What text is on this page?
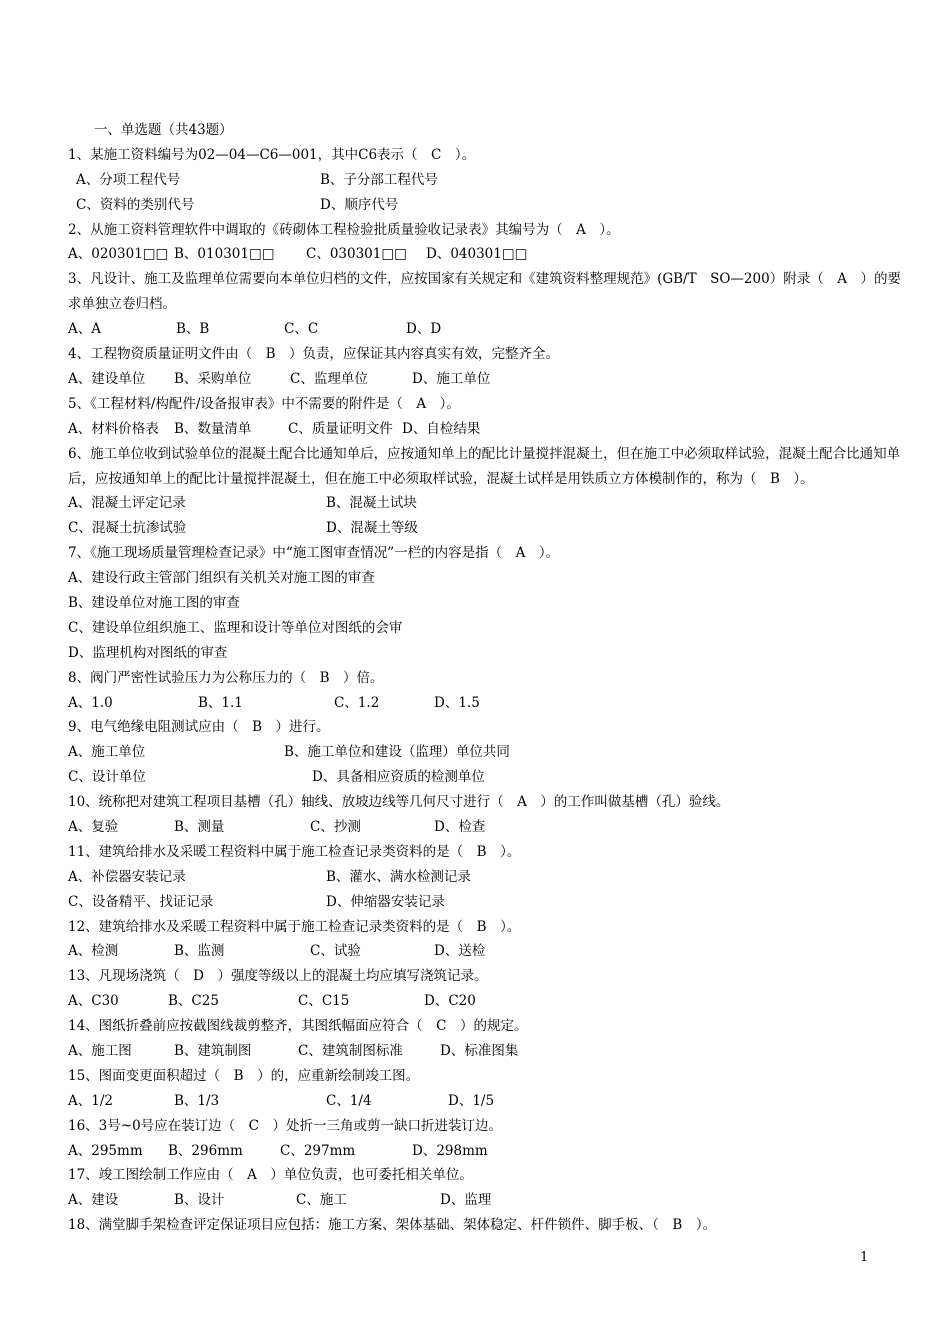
一、单选题（共43题）
1、某施工资料编号为02—04—C6—001，其中C6表示（　C　）。
A、分项工程代号	B、子分部工程代号
C、资料的类别代号	D、顺序代号
2、从施工资料管理软件中调取的《砖砌体工程检验批质量验收记录表》其编号为（　A　）。
A、020301□□ B、010301□□ C、030301□□ D、040301□□
3、凡设计、施工及监理单位需要向本单位归档的文件，应按国家有关规定和《建筑资料整理规范》(GB/T　SO—200）附录（　A　）的要求单独立卷归档。
A、A	B、B	C、C	D、D
4、工程物资质量证明文件由（　B　）负责，应保证其内容真实有效，完整齐全。
A、建设单位 B、采购单位	C、监理单位	D、施工单位
5、《工程材料/构配件/设备报审表》中不需要的附件是（　A　）。
A、材料价格表 B、数量清单	C、质量证明文件 D、自检结果
6、施工单位收到试验单位的混凝土配合比通知单后，应按通知单上的配比计量搅拌混凝土，但在施工中必须取样试验，混凝土配合比通知单后，应按通知单上的配比计量搅拌混凝土，但在施工中必须取样试验，混凝土试样是用铁质立方体模制作的，称为（　B　）。
A、混凝土评定记录	B、混凝土试块
C、混凝土抗渗试验	D、混凝土等级
7、《施工现场质量管理检查记录》中“施工图审查情况”一栏的内容是指（　A　）。
A、建设行政主管部门组织有关机关对施工图的审查
B、建设单位对施工图的审查
C、建设单位组织施工、监理和设计等单位对图纸的会审
D、监理机构对图纸的审查
8、阀门严密性试验压力为公称压力的（　B　）倍。
A、1.0	B、1.1	C、1.2	D、1.5
9、电气绝缘电阻测试应由（　B　）进行。
A、施工单位	B、施工单位和建设（监理）单位共同
C、设计单位	D、具备相应资质的检测单位
10、统称把对建筑工程项目基槽（孔）轴线、放坡边线等几何尺寸进行（　A　）的工作叫做基槽（孔）验线。
A、复验	B、测量	C、抄测	D、检查
11、建筑给排水及采暖工程资料中属于施工检查记录类资料的是（　B　）。
A、补偿器安装记录	B、灌水、满水检测记录
C、设备精平、找证记录	D、伸缩器安装记录
12、建筑给排水及采暖工程资料中属于施工检查记录类资料的是（　B　）。
A、检测	B、监测	C、试验	D、送检
13、凡现场浇筑（　D　）强度等级以上的混凝土均应填写浇筑记录。
A、C30	B、C25	C、C15	D、C20
14、图纸折叠前应按截图线裁剪整齐，其图纸幅面应符合（　C　）的规定。
A、施工图	B、建筑制图	C、建筑制图标准	D、标准图集
15、图面变更面积超过（　B　）的，应重新绘制竣工图。
A、1/2	B、1/3	C、1/4	D、1/5
16、3号~0号应在装订边（　C　）处折一三角或剪一缺口折进装订边。
A、295mm B、296mm	C、297mm	D、298mm
17、竣工图绘制工作应由（　A　）单位负责，也可委托相关单位。
A、建设	B、设计	C、施工	D、监理
18、满堂脚手架检查评定保证项目应包括：施工方案、架体基础、架体稳定、杆件锁件、脚手板、（　B　）。
1
